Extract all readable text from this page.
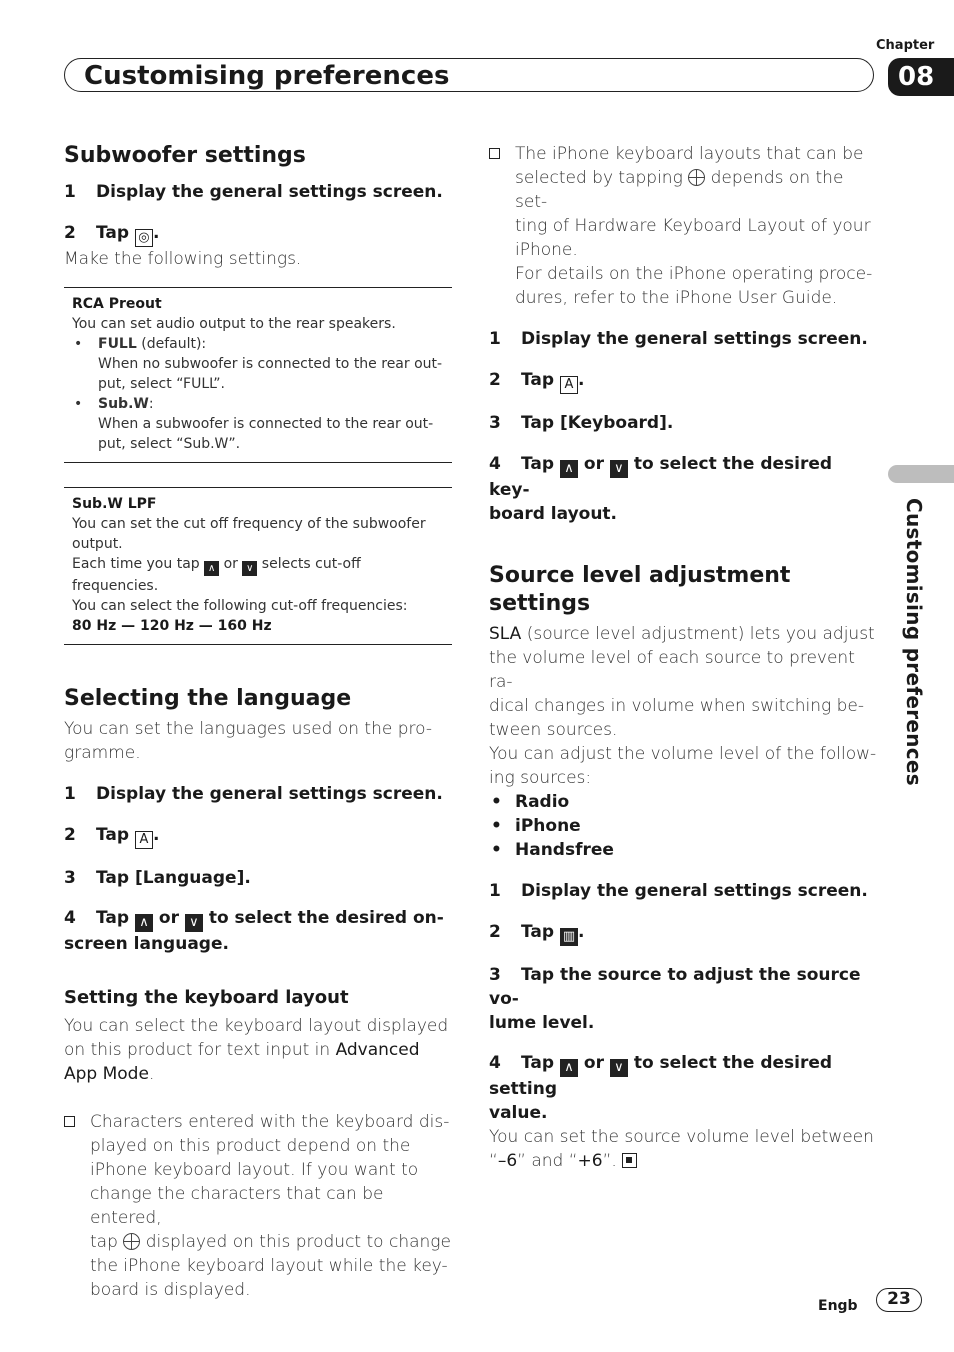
Chapter
Customising preferences	08
Customising preferences
Subwoofer settings
1 Display the general settings screen.
2 Tap ◎ .
Make the following settings.
RCA Preout
You can set audio output to the rear speakers.
• FULL (default):
When no subwoofer is connected to the rear out-
put, select “FULL”.
• Sub.W:
When a subwoofer is connected to the rear out-
put, select “Sub.W”.
Sub.W LPF
You can set the cut off frequency of the subwoofer
output.
Each time you tap ∧ or ∨ selects cut-off frequencies.
You can select the following cut-off frequencies:
80 Hz — 120 Hz — 160 Hz
Selecting the language
You can set the languages used on the pro-
gramme.
1 Display the general settings screen.
2 Tap A .
3 Tap [Language].
4 Tap ∧ or ∨ to select the desired on-
screen language.
Setting the keyboard layout
You can select the keyboard layout displayed
on this product for text input in Advanced
App Mode.
Characters entered with the keyboard dis-
played on this product depend on the
iPhone keyboard layout. If you want to
change the characters that can be entered,
tap displayed on this product to change
the iPhone keyboard layout while the key-
board is displayed.
The iPhone keyboard layouts that can be
selected by tapping depends on the set-
ting of Hardware Keyboard Layout of your
iPhone.
For details on the iPhone operating proce-
dures, refer to the iPhone User Guide.
1 Display the general settings screen.
2 Tap A .
3 Tap [Keyboard].
4 Tap ∧ or ∨ to select the desired key-
board layout.
Source level adjustment settings
SLA (source level adjustment) lets you adjust
the volume level of each source to prevent ra-
dical changes in volume when switching be-
tween sources.
You can adjust the volume level of the follow-
ing sources:
• Radio
• iPhone
• Handsfree
1 Display the general settings screen.
2 Tap ▥ .
3 Tap the source to adjust the source vo-
lume level.
4 Tap ∧ or ∨ to select the desired setting
value.
You can set the source volume level between
“–6” and “+6”.
Engb	23
